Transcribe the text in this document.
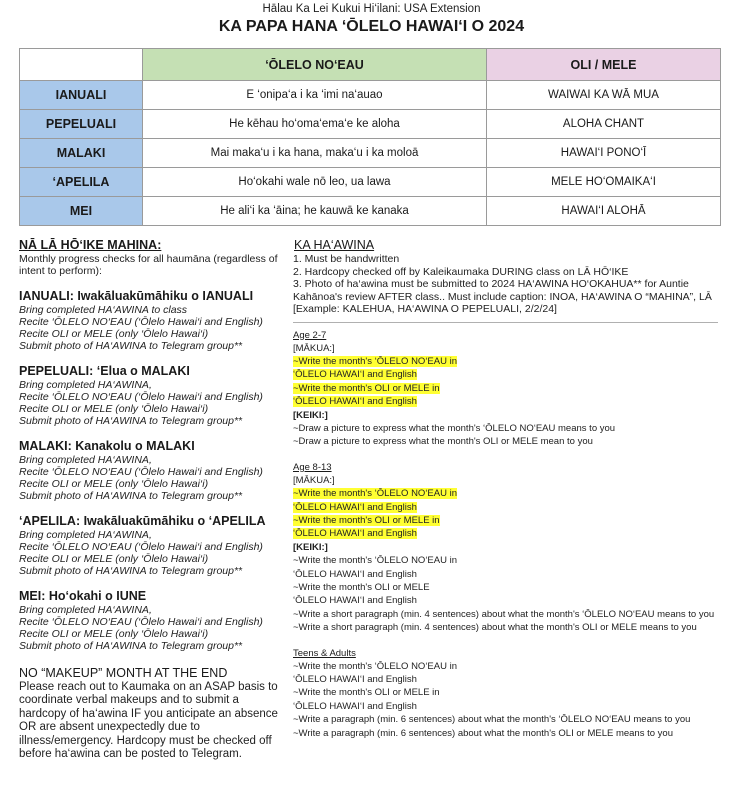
Hālau Ka Lei Kukui Hi‘ilani: USA Extension
KA PAPA HANA ‘ŌLELO HAWAI‘I O 2024
	‘ŌLELO NO‘EAU	OLI / MELE
IANUALI	E ‘onipa‘a i ka ‘imi na‘auao	WAIWAI KA WĀ MUA
PEPELUALI	He kēhau ho‘oma‘ema‘e ke aloha	ALOHA CHANT
MALAKI	Mai maka‘u i ka hana, maka‘u i ka moloā	HAWAI‘I PONO‘Ī
‘APELILA	Ho‘okahi wale nō leo, ua lawa	MELE HO‘OMAIKA‘I
MEI	He ali‘i ka ‘āina; he kauwā ke kanaka	HAWAI‘I ALOHĀ
NĀ LĀ HŌ‘IKE MAHINA:
Monthly progress checks for all haumāna (regardless of intent to perform):
IANUALI: Iwakāluakūmāhiku o IANUALI
Bring completed HA‘AWINA to class
Recite ‘ŌLELO NO‘EAU (‘Ōlelo Hawai‘i and English)
Recite OLI or MELE (only ‘Ōlelo Hawai‘i)
Submit photo of HA‘AWINA to Telegram group**
PEPELUALI: ‘Elua o MALAKI
Bring completed HA‘AWINA,
Recite ‘ŌLELO NO‘EAU (‘Ōlelo Hawai‘i and English)
Recite OLI or MELE (only ‘Ōlelo Hawai‘i)
Submit photo of HA‘AWINA to Telegram group**
MALAKI: Kanakolu o MALAKI
Bring completed HA‘AWINA,
Recite ‘ŌLELO NO‘EAU (‘Ōlelo Hawai‘i and English)
Recite OLI or MELE (only ‘Ōlelo Hawai‘i)
Submit photo of HA‘AWINA to Telegram group**
‘APELILA: Iwakāluakūmāhiku o ‘APELILA
Bring completed HA‘AWINA,
Recite ‘ŌLELO NO‘EAU (‘Ōlelo Hawai‘i and English)
Recite OLI or MELE (only ‘Ōlelo Hawai‘i)
Submit photo of HA‘AWINA to Telegram group**
MEI: Ho‘okahi o IUNE
Bring completed HA‘AWINA,
Recite ‘ŌLELO NO‘EAU (‘Ōlelo Hawai‘i and English)
Recite OLI or MELE (only ‘Ōlelo Hawai‘i)
Submit photo of HA‘AWINA to Telegram group**
NO “MAKEUP” MONTH AT THE END
Please reach out to Kaumaka on an ASAP basis to coordinate verbal makeups and to submit a hardcopy of ha‘awina IF you anticipate an absence OR are absent unexpectedly due to illness/emergency. Hardcopy must be checked off before ha‘awina can be posted to Telegram.
KA HA‘AWINA
1. Must be handwritten
2. Hardcopy checked off by Kaleikaumaka DURING class on LĀ HŌ‘IKE
3. Photo of ha‘awina must be submitted to 2024 HA‘AWINA HO‘OKAHUA** for Auntie Kahānoa's review AFTER class.. Must include caption: INOA, HA‘AWINA O “MAHINA”, LĀ
[Example: KALEHUA, HA‘AWINA O PEPELUALI, 2/2/24]
Age 2-7
[MĀKUA:]
~Write the month's ‘ŌLELO NO‘EAU in
‘ŌLELO HAWAI‘I and English
~Write the month's OLI or MELE in
‘ŌLELO HAWAI‘I and English
[KEIKI:]
~Draw a picture to express what the month's ‘ŌLELO NO‘EAU means to you
~Draw a picture to express what the month's OLI or MELE mean to you
Age 8-13
[MĀKUA:]
~Write the month's ‘ŌLELO NO‘EAU in
‘ŌLELO HAWAI‘I and English
~Write the month's OLI or MELE in
‘ŌLELO HAWAI‘I and English
[KEIKI:]
~Write the month's ‘ŌLELO NO‘EAU in
‘ŌLELO HAWAI‘I and English
~Write the month's OLI or MELE
‘ŌLELO HAWAI‘I and English
~Write a short paragraph (min. 4 sentences) about what the month's ‘ŌLELO NO‘EAU means to you
~Write a short paragraph (min. 4 sentences) about what the month's OLI or MELE means to you
Teens & Adults
~Write the month's ‘ŌLELO NO‘EAU in
‘ŌLELO HAWAI‘I and English
~Write the month's OLI or MELE in
‘ŌLELO HAWAI‘I and English
~Write a paragraph (min. 6 sentences) about what the month's ‘ŌLELO NO‘EAU means to you
~Write a paragraph (min. 6 sentences) about what the month's OLI or MELE means to you
